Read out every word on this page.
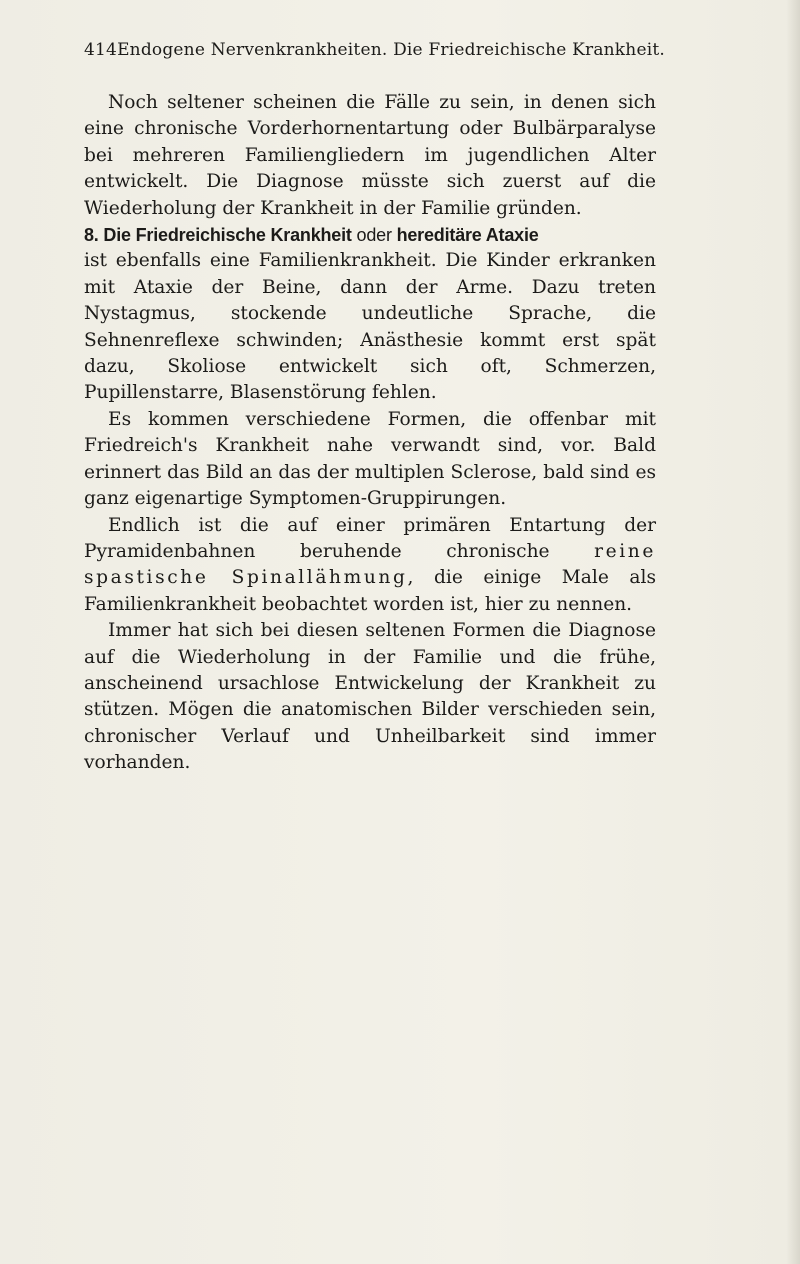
414 Endogene Nervenkrankheiten. Die Friedreichische Krankheit.

Noch seltener scheinen die Fälle zu sein, in denen sich eine chronische Vorderhornentartung oder Bulbärparalyse bei mehreren Familiengliedern im jugendlichen Alter entwickelt. Die Diagnose müsste sich zuerst auf die Wiederholung der Krankheit in der Familie gründen.

8. Die Friedreichische Krankheit oder hereditäre Ataxie

ist ebenfalls eine Familienkrankheit. Die Kinder erkranken mit Ataxie der Beine, dann der Arme. Dazu treten Nystagmus, stockende undeutliche Sprache, die Sehnenreflexe schwinden; Anästhesie kommt erst spät dazu, Skoliose entwickelt sich oft, Schmerzen, Pupillenstarre, Blasenstörung fehlen.

Es kommen verschiedene Formen, die offenbar mit Friedreich's Krankheit nahe verwandt sind, vor. Bald erinnert das Bild an das der multiplen Sclerose, bald sind es ganz eigenartige Symptomen-Gruppirungen.

Endlich ist die auf einer primären Entartung der Pyramidenbahnen beruhende chronische reine spastische Spinallähmung, die einige Male als Familienkrankheit beobachtet worden ist, hier zu nennen.

Immer hat sich bei diesen seltenen Formen die Diagnose auf die Wiederholung in der Familie und die frühe, anscheinend ursachlose Entwickelung der Krankheit zu stützen. Mögen die anatomischen Bilder verschieden sein, chronischer Verlauf und Unheilbarkeit sind immer vorhanden.
